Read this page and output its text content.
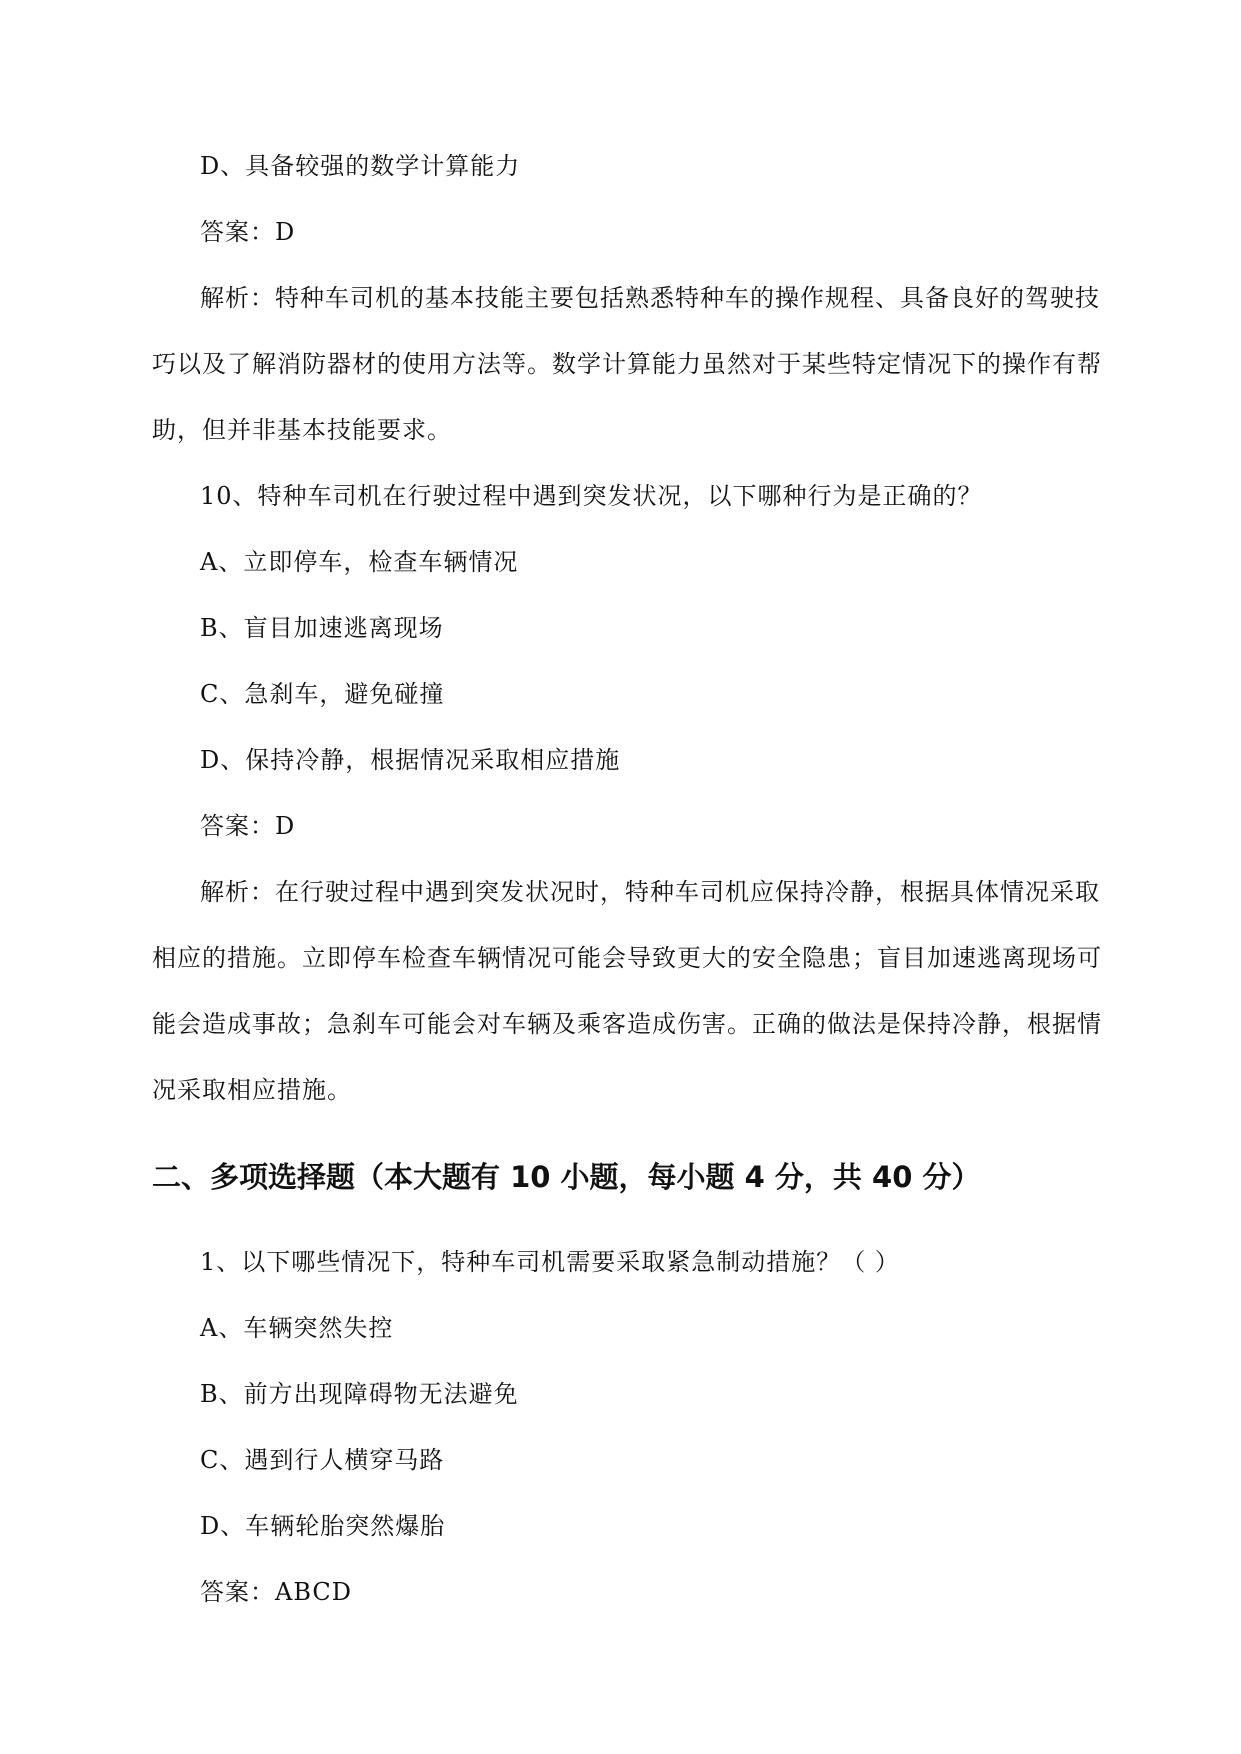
D、具备较强的数学计算能力
答案：D
解析：特种车司机的基本技能主要包括熟悉特种车的操作规程、具备良好的驾驶技
巧以及了解消防器材的使用方法等。数学计算能力虽然对于某些特定情况下的操作有帮
助，但并非基本技能要求。
10、特种车司机在行驶过程中遇到突发状况，以下哪种行为是正确的？
A、立即停车，检查车辆情况
B、盲目加速逃离现场
C、急刹车，避免碰撞
D、保持冷静，根据情况采取相应措施
答案：D
解析：在行驶过程中遇到突发状况时，特种车司机应保持冷静，根据具体情况采取
相应的措施。立即停车检查车辆情况可能会导致更大的安全隐患；盲目加速逃离现场可
能会造成事故；急刹车可能会对车辆及乘客造成伤害。正确的做法是保持冷静，根据情
况采取相应措施。
二、多项选择题（本大题有 10 小题，每小题 4 分，共 40 分）
1、以下哪些情况下，特种车司机需要采取紧急制动措施？（ ）
A、车辆突然失控
B、前方出现障碍物无法避免
C、遇到行人横穿马路
D、车辆轮胎突然爆胎
答案：ABCD
